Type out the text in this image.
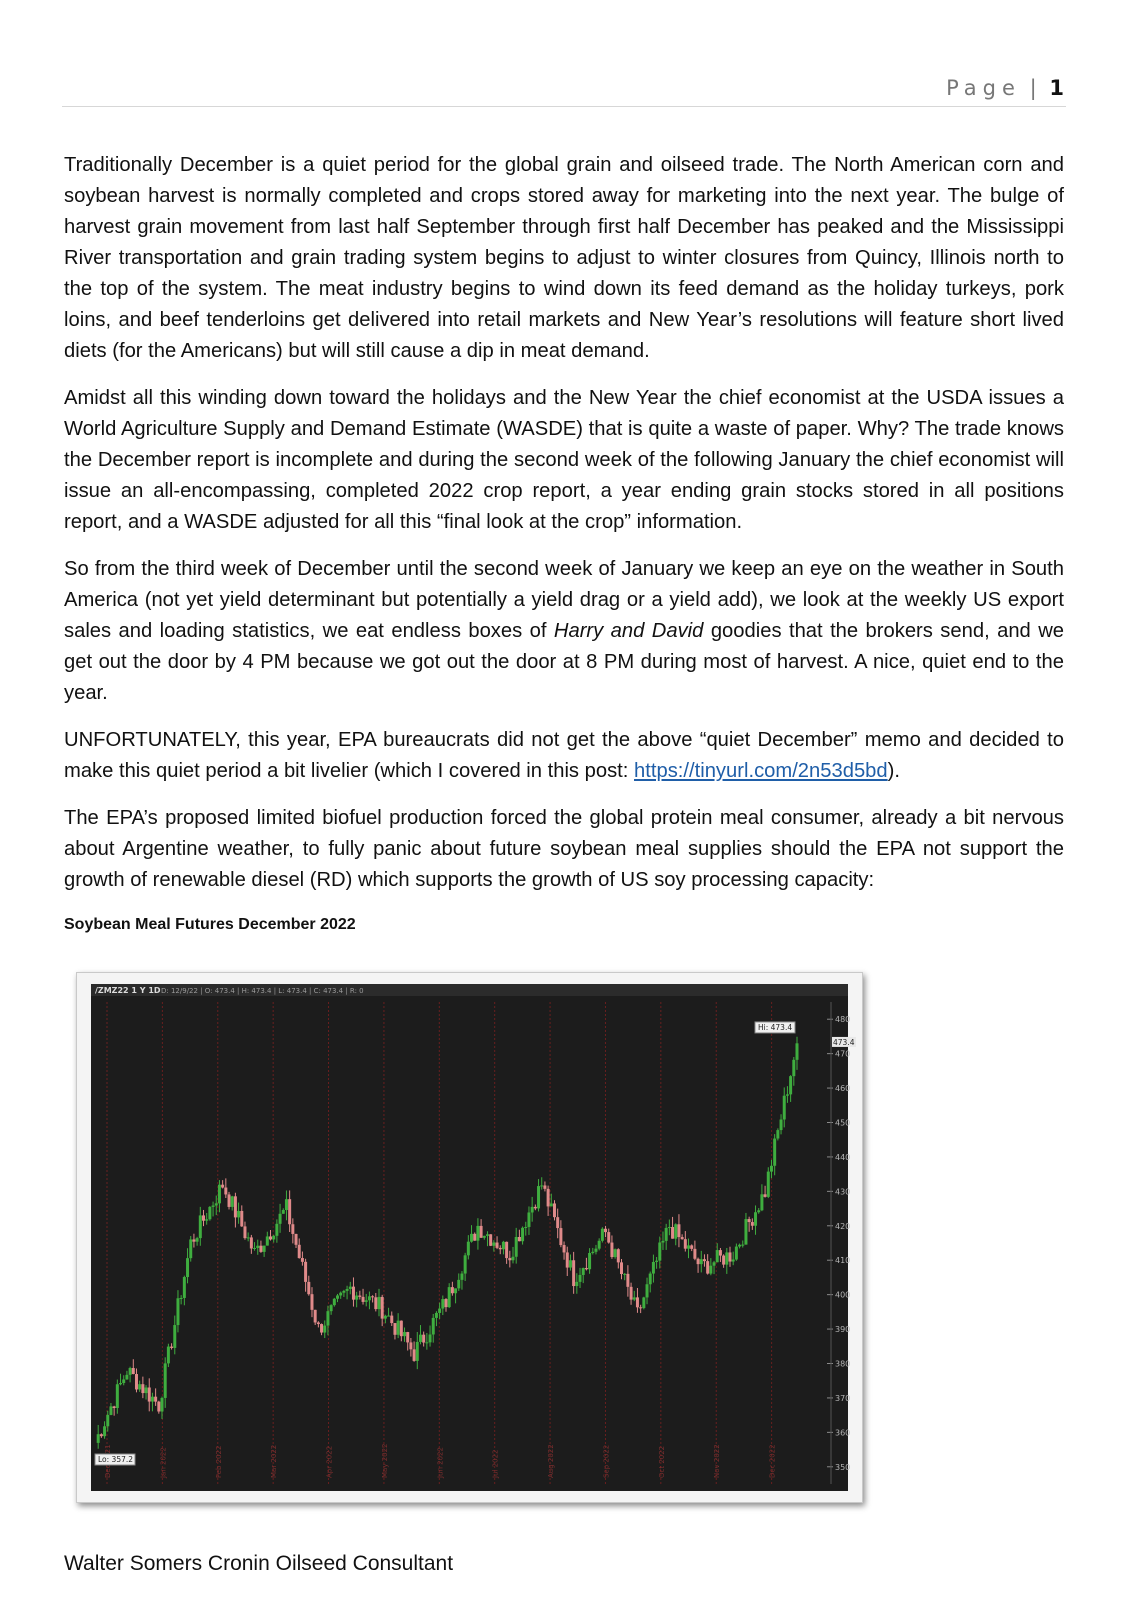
Page | 1

Traditionally December is a quiet period for the global grain and oilseed trade. The North American corn and soybean harvest is normally completed and crops stored away for marketing into the next year. The bulge of harvest grain movement from last half September through first half December has peaked and the Mississippi River transportation and grain trading system begins to adjust to winter closures from Quincy, Illinois north to the top of the system. The meat industry begins to wind down its feed demand as the holiday turkeys, pork loins, and beef tenderloins get delivered into retail markets and New Year’s resolutions will feature short lived diets (for the Americans) but will still cause a dip in meat demand.

Amidst all this winding down toward the holidays and the New Year the chief economist at the USDA issues a World Agriculture Supply and Demand Estimate (WASDE) that is quite a waste of paper. Why? The trade knows the December report is incomplete and during the second week of the following January the chief economist will issue an all-encompassing, completed 2022 crop report, a year ending grain stocks stored in all positions report, and a WASDE adjusted for all this “final look at the crop” information.

So from the third week of December until the second week of January we keep an eye on the weather in South America (not yet yield determinant but potentially a yield drag or a yield add), we look at the weekly US export sales and loading statistics, we eat endless boxes of Harry and David goodies that the brokers send, and we get out the door by 4 PM because we got out the door at 8 PM during most of harvest. A nice, quiet end to the year.

UNFORTUNATELY, this year, EPA bureaucrats did not get the above “quiet December” memo and decided to make this quiet period a bit livelier (which I covered in this post: https://tinyurl.com/2n53d5bd).

The EPA’s proposed limited biofuel production forced the global protein meal consumer, already a bit nervous about Argentine weather, to fully panic about future soybean meal supplies should the EPA not support the growth of renewable diesel (RD) which supports the growth of US soy processing capacity:

Soybean Meal Futures December 2022
/ZMZ22 1 Y 1D D: 12/9/22 | O: 473.4 | H: 473.4 | L: 473.4 | C: 473.4 | R: 0
Jan 2022	Feb 2022	Mar 2022	Apr 2022	May 2022	Jun 2022	Jul 2022	Aug 2022	Sep 2022	Oct 2022	Nov 2022	Dec 2022	350
360
370
380
390
400
410
420
430
440
450
460
470
480
Hi: 473.4
473.4
Lo: 357.2
Walter Somers Cronin Oilseed Consultant
